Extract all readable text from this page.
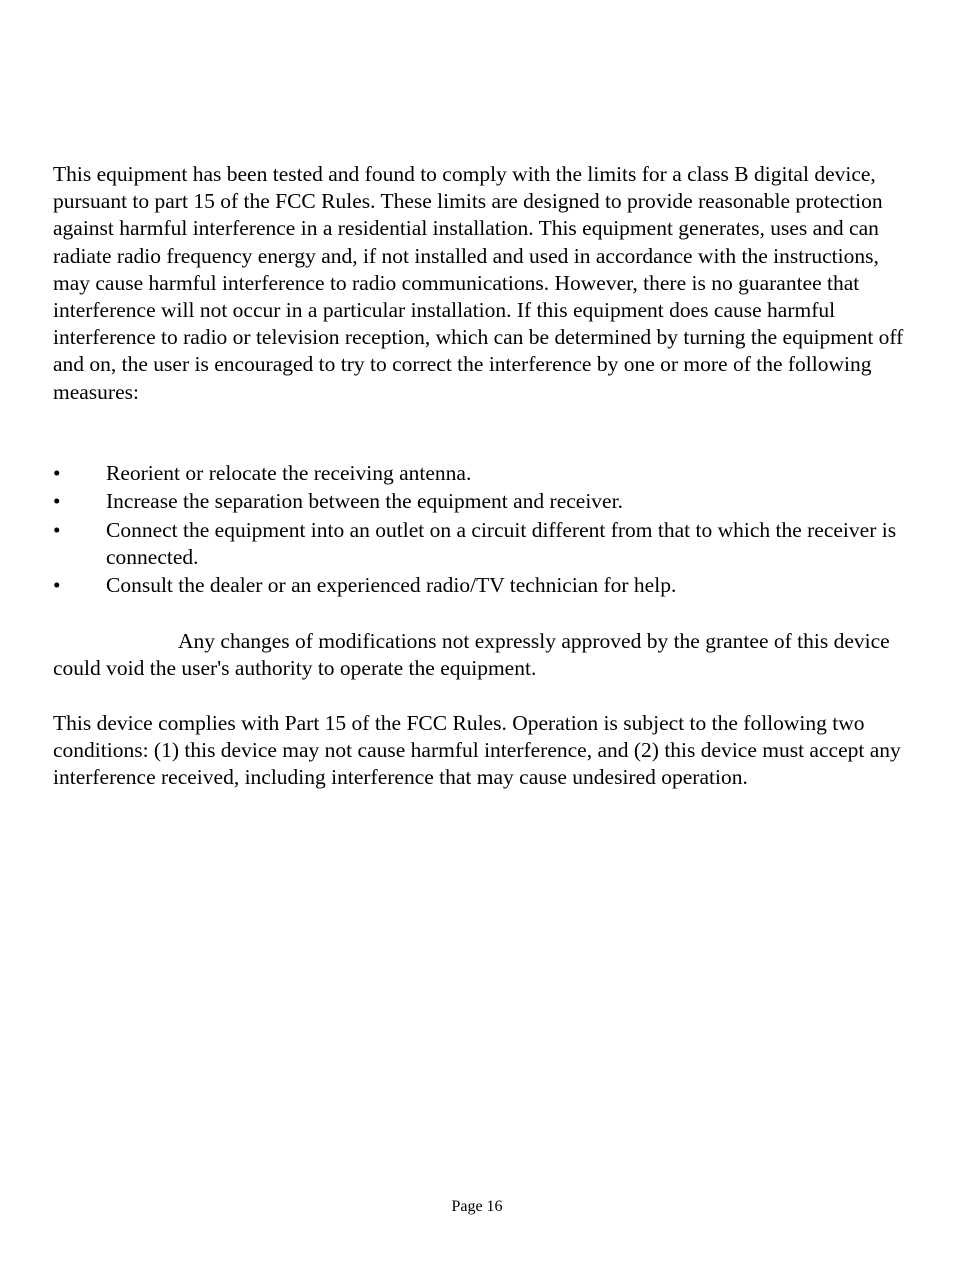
This equipment has been tested and found to comply with the limits for a class B digital device, pursuant to part 15 of the FCC Rules. These limits are designed to provide reasonable protection against harmful interference in a residential installation. This equipment generates, uses and can radiate radio frequency energy and, if not installed and used in accordance with the instructions, may cause harmful interference to radio communications. However, there is no guarantee that interference will not occur in a particular installation. If this equipment does cause harmful interference to radio or television reception, which can be determined by turning the equipment off and on, the user is encouraged to try to correct the interference by one or more of the following measures:

•	Reorient or relocate the receiving antenna.
•	Increase the separation between the equipment and receiver.
•	Connect the equipment into an outlet on a circuit different from that to which the receiver is connected.
•	Consult the dealer or an experienced radio/TV technician for help.

Any changes of modifications not expressly approved by the grantee of this device could void the user's authority to operate the equipment.

This device complies with Part 15 of the FCC Rules. Operation is subject to the following two conditions: (1) this device may not cause harmful interference, and (2) this device must accept any interference received, including interference that may cause undesired operation.

Page 16
